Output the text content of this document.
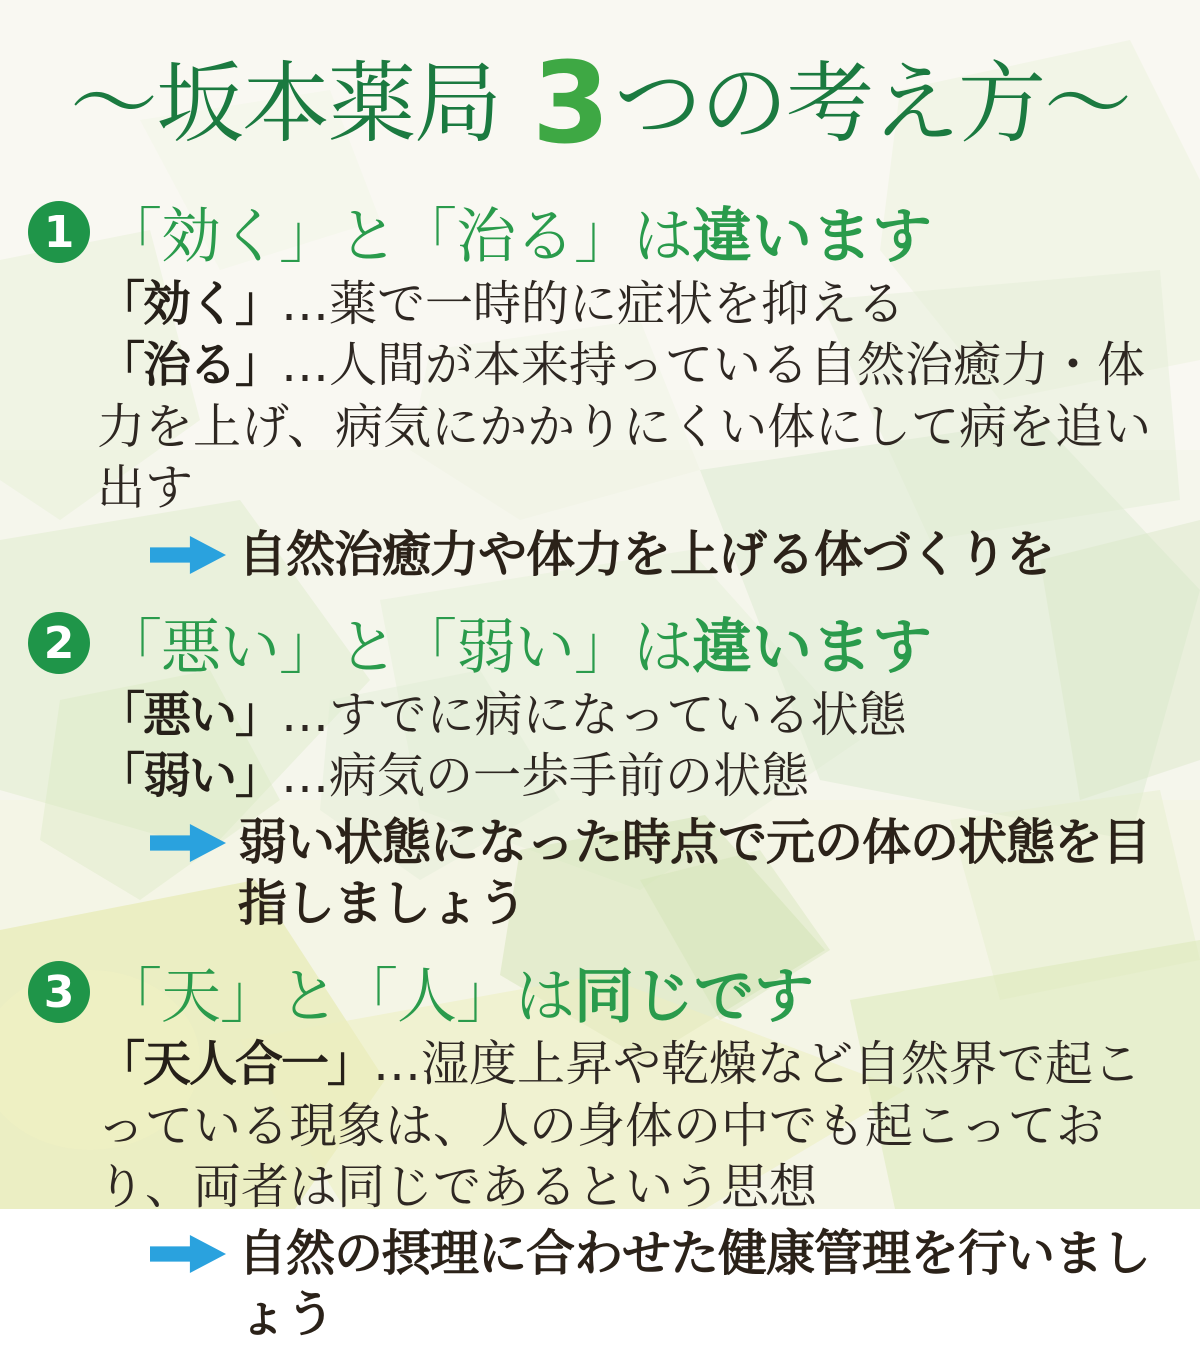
～坂本薬局 3つの考え方～
1 「効く」と「治る」は違います

「効く」…薬で一時的に症状を抑える

「治る」…人間が本来持っている自然治癒力・体力を上げ、病気にかかりにくい体にして病を追い出す

自然治癒力や体力を上げる体づくりを

2 「悪い」と「弱い」は違います

「悪い」…すでに病になっている状態

「弱い」…病気の一歩手前の状態

弱い状態になった時点で元の体の状態を目指しましょう

3 「天」と「人」は同じです

「天人合一」…湿度上昇や乾燥など自然界で起こっている現象は、人の身体の中でも起こっており、両者は同じであるという思想

自然の摂理に合わせた健康管理を行いましょう
